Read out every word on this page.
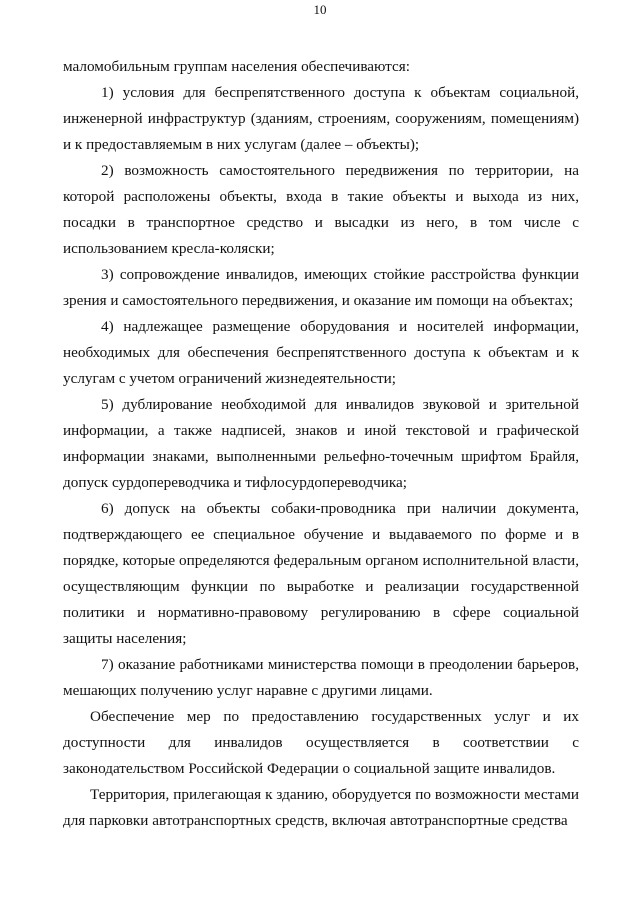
10

маломобильным группам населения обеспечиваются:

1) условия для беспрепятственного доступа к объектам социальной, инженерной инфраструктур (зданиям, строениям, сооружениям, помещениям) и к предоставляемым в них услугам (далее – объекты);

2) возможность самостоятельного передвижения по территории, на которой расположены объекты, входа в такие объекты и выхода из них, посадки в транспортное средство и высадки из него, в том числе с использованием кресла-коляски;

3) сопровождение инвалидов, имеющих стойкие расстройства функции зрения и самостоятельного передвижения, и оказание им помощи на объектах;

4) надлежащее размещение оборудования и носителей информации, необходимых для обеспечения беспрепятственного доступа к объектам и к услугам с учетом ограничений жизнедеятельности;

5) дублирование необходимой для инвалидов звуковой и зрительной информации, а также надписей, знаков и иной текстовой и графической информации знаками, выполненными рельефно-точечным шрифтом Брайля, допуск сурдопереводчика и тифлосурдопереводчика;

6) допуск на объекты собаки-проводника при наличии документа, подтверждающего ее специальное обучение и выдаваемого по форме и в порядке, которые определяются федеральным органом исполнительной власти, осуществляющим функции по выработке и реализации государственной политики и нормативно-правовому регулированию в сфере социальной защиты населения;

7) оказание работниками министерства помощи в преодолении барьеров, мешающих получению услуг наравне с другими лицами.

Обеспечение мер по предоставлению государственных услуг и их доступности для инвалидов осуществляется в соответствии с законодательством Российской Федерации о социальной защите инвалидов.

Территория, прилегающая к зданию, оборудуется по возможности местами для парковки автотранспортных средств, включая автотранспортные средства
